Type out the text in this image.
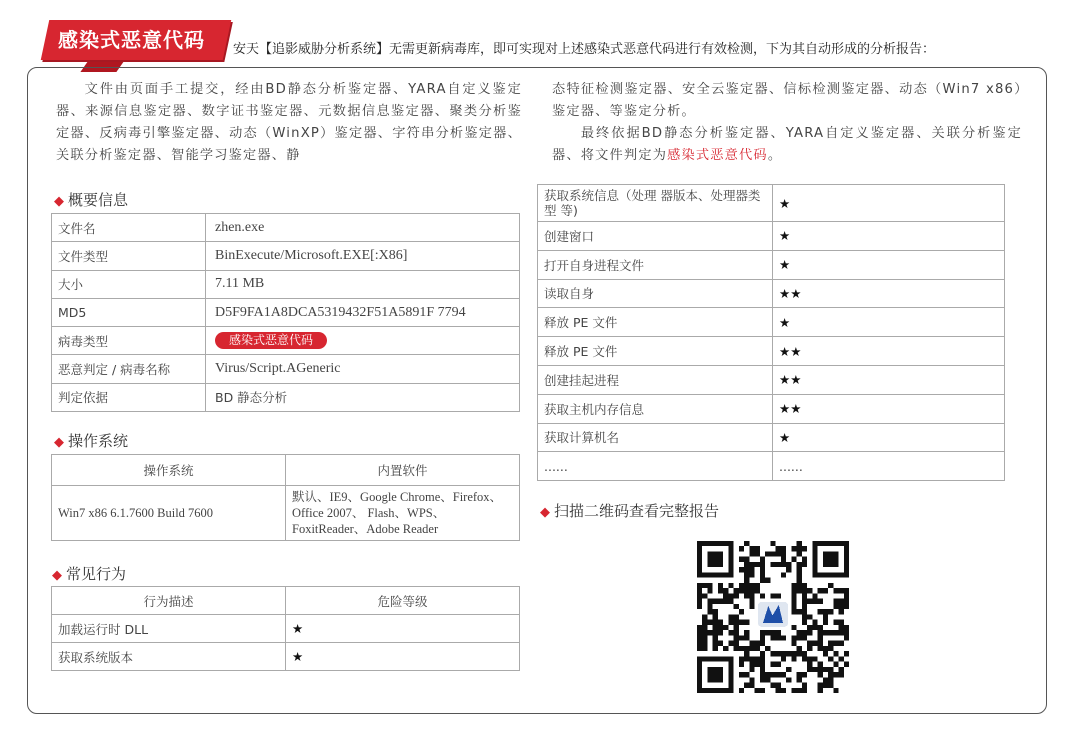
感染式恶意代码	安天【追影威胁分析系统】无需更新病毒库，即可实现对上述感染式恶意代码进行有效检测，下为其自动形成的分析报告：
文件由页面手工提交，经由BD静态分析鉴定器、YARA自定义鉴定器、来源信息鉴定器、数字证书鉴定器、元数据信息鉴定器、聚类分析鉴定器、反病毒引擎鉴定器、动态（WinXP）鉴定器、字符串分析鉴定器、关联分析鉴定器、智能学习鉴定器、静
态特征检测鉴定器、安全云鉴定器、信标检测鉴定器、动态（Win7 x86）鉴定器、等鉴定分析。
最终依据BD静态分析鉴定器、YARA自定义鉴定器、关联分析鉴定器、将文件判定为感染式恶意代码。
◆ 概要信息
文件名	zhen.exe
文件类型	BinExecute/Microsoft.EXE[:X86]
大小	7.11 MB
MD5	D5F9FA1A8DCA5319432F51A5891F 7794
病毒类型	感染式恶意代码
恶意判定 / 病毒名称	Virus/Script.AGeneric
判定依据	BD 静态分析
◆ 操作系统
操作系统	内置软件
Win7 x86 6.1.7600 Build 7600	默认、IE9、Google Chrome、Firefox、Office 2007、 Flash、WPS、FoxitReader、Adobe Reader
◆ 常见行为
行为描述	危险等级
加载运行时 DLL	★
获取系统版本	★
获取系统信息（处理 器版本、处理器类型 等)	★
创建窗口	★
打开自身进程文件	★
读取自身	★★
释放 PE 文件	★
释放 PE 文件	★★
创建挂起进程	★★
获取主机内存信息	★★
获取计算机名	★
......	......
◆ 扫描二维码查看完整报告
